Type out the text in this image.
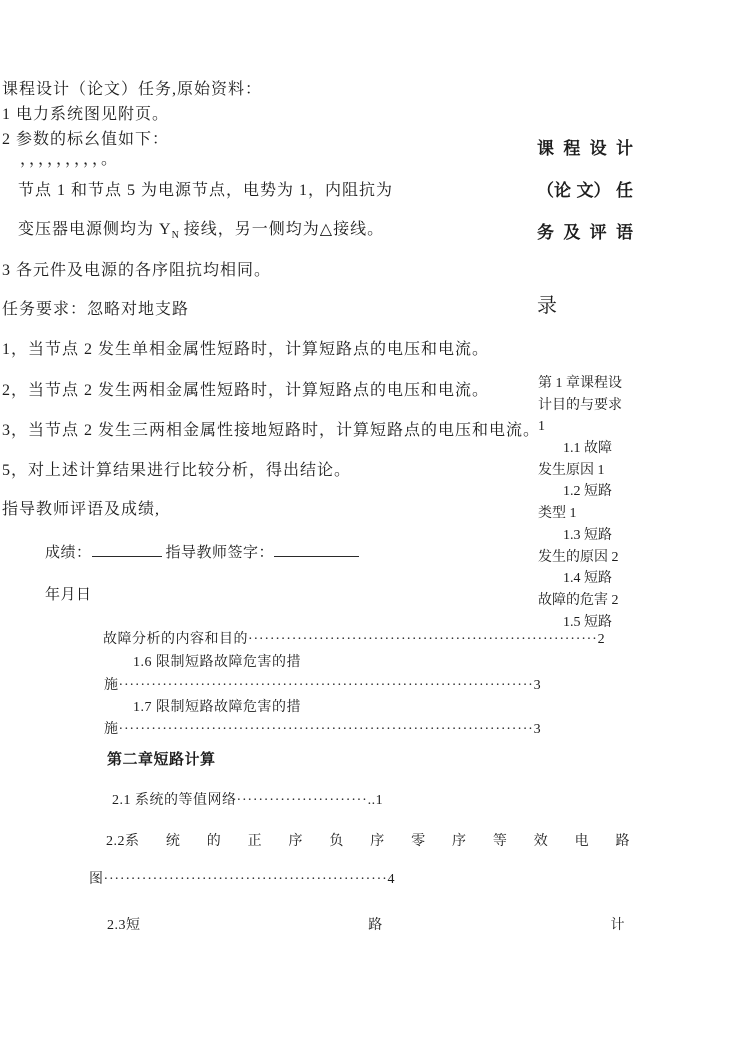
课程设计（论文）任务,原始资料：
1 电力系统图见附页。
2 参数的标幺值如下：
，，，，，，，，，。
节点 1 和节点 5 为电源节点，电势为 1，内阻抗为
变压器电源侧均为 $Y_N$ 接线，另一侧均为△接线。
3 各元件及电源的各序阻抗均相同。
任务要求：忽略对地支路
1，当节点 2 发生单相金属性短路时，计算短路点的电压和电流。
2，当节点 2 发生两相金属性短路时，计算短路点的电压和电流。
3，当节点 2 发生三两相金属性接地短路时，计算短路点的电压和电流。
5，对上述计算结果进行比较分析，得出结论。
指导教师评语及成绩,
成绩：	指导教师签字：
年月日
课 程 设 计
（论 文） 任
务 及 评 语
录
第 1 章课程设
计目的与要求
1
1.1 故障
发生原因 1
1.2 短路
类型 1
1.3 短路
发生的原因 2
1.4 短路
故障的危害 2
1.5 短路
故障分析的内容和目的································································2
1.6 限制短路故障危害的措
施············································································3
1.7 限制短路故障危害的措
施············································································3
第二章短路计算
2.1 系统的等值网络························..1
2.2系 统 的 正 序 负 序 零 序 等 效 电 路
图····················································4
2.3短	路	计
